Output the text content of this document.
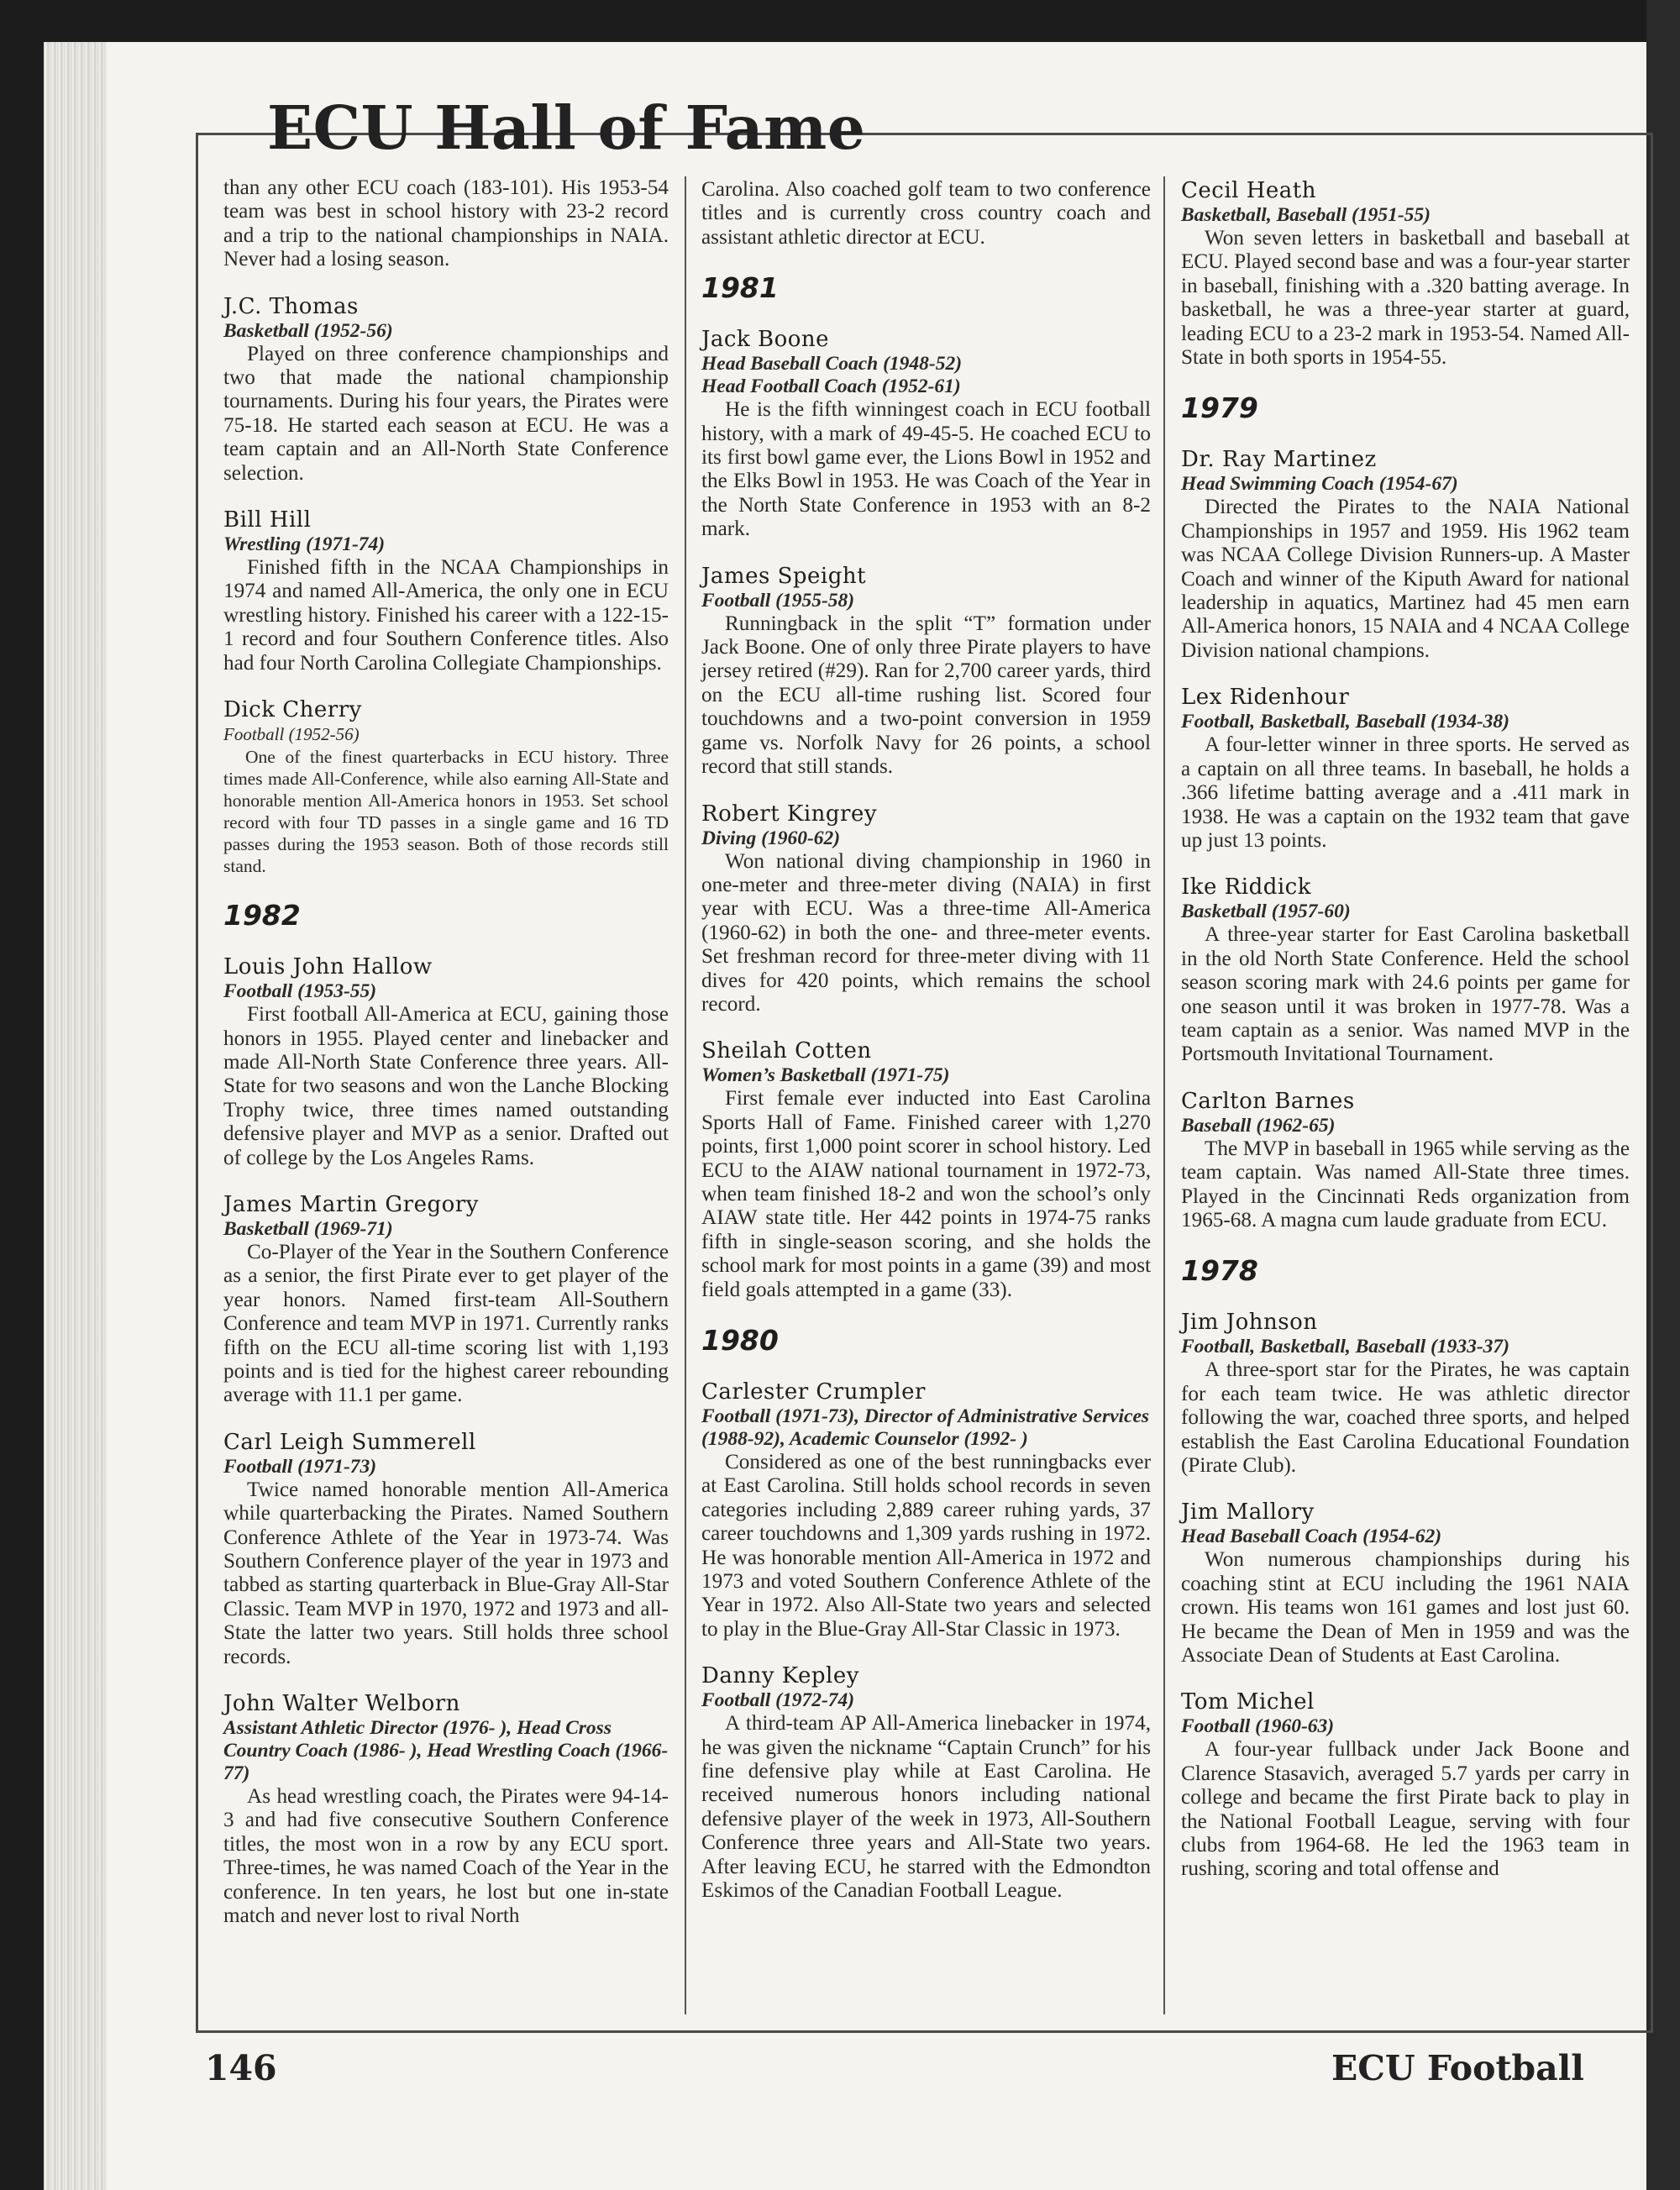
ECU Hall of Fame
than any other ECU coach (183-101). His 1953-54 team was best in school history with 23-2 record and a trip to the national championships in NAIA. Never had a losing season.
J.C. Thomas
Basketball (1952-56)
Played on three conference championships and two that made the national championship tournaments. During his four years, the Pirates were 75-18. He started each season at ECU. He was a team captain and an All-North State Conference selection.
Bill Hill
Wrestling (1971-74)
Finished fifth in the NCAA Championships in 1974 and named All-America, the only one in ECU wrestling history. Finished his career with a 122-15-1 record and four Southern Conference titles. Also had four North Carolina Collegiate Championships.
Dick Cherry
Football (1952-56)
One of the finest quarterbacks in ECU history. Three times made All-Conference, while also earning All-State and honorable mention All-America honors in 1953. Set school record with four TD passes in a single game and 16 TD passes during the 1953 season. Both of those records still stand.
1982
Louis John Hallow
Football (1953-55)
First football All-America at ECU, gaining those honors in 1955. Played center and linebacker and made All-North State Conference three years. All-State for two seasons and won the Lanche Blocking Trophy twice, three times named outstanding defensive player and MVP as a senior. Drafted out of college by the Los Angeles Rams.
James Martin Gregory
Basketball (1969-71)
Co-Player of the Year in the Southern Conference as a senior, the first Pirate ever to get player of the year honors. Named first-team All-Southern Conference and team MVP in 1971. Currently ranks fifth on the ECU all-time scoring list with 1,193 points and is tied for the highest career rebounding average with 11.1 per game.
Carl Leigh Summerell
Football (1971-73)
Twice named honorable mention All-America while quarterbacking the Pirates. Named Southern Conference Athlete of the Year in 1973-74. Was Southern Conference player of the year in 1973 and tabbed as starting quarterback in Blue-Gray All-Star Classic. Team MVP in 1970, 1972 and 1973 and all-State the latter two years. Still holds three school records.
John Walter Welborn
Assistant Athletic Director (1976- ), Head Cross Country Coach (1986- ), Head Wrestling Coach (1966-77)
As head wrestling coach, the Pirates were 94-14-3 and had five consecutive Southern Conference titles, the most won in a row by any ECU sport. Three-times, he was named Coach of the Year in the conference. In ten years, he lost but one in-state match and never lost to rival North
Carolina. Also coached golf team to two conference titles and is currently cross country coach and assistant athletic director at ECU.
1981
Jack Boone
Head Baseball Coach (1948-52)
Head Football Coach (1952-61)
He is the fifth winningest coach in ECU football history, with a mark of 49-45-5. He coached ECU to its first bowl game ever, the Lions Bowl in 1952 and the Elks Bowl in 1953. He was Coach of the Year in the North State Conference in 1953 with an 8-2 mark.
James Speight
Football (1955-58)
Runningback in the split “T” formation under Jack Boone. One of only three Pirate players to have jersey retired (#29). Ran for 2,700 career yards, third on the ECU all-time rushing list. Scored four touchdowns and a two-point conversion in 1959 game vs. Norfolk Navy for 26 points, a school record that still stands.
Robert Kingrey
Diving (1960-62)
Won national diving championship in 1960 in one-meter and three-meter diving (NAIA) in first year with ECU. Was a three-time All-America (1960-62) in both the one- and three-meter events. Set freshman record for three-meter diving with 11 dives for 420 points, which remains the school record.
Sheilah Cotten
Women’s Basketball (1971-75)
First female ever inducted into East Carolina Sports Hall of Fame. Finished career with 1,270 points, first 1,000 point scorer in school history. Led ECU to the AIAW national tournament in 1972-73, when team finished 18-2 and won the school’s only AIAW state title. Her 442 points in 1974-75 ranks fifth in single-season scoring, and she holds the school mark for most points in a game (39) and most field goals attempted in a game (33).
1980
Carlester Crumpler
Football (1971-73), Director of Administrative Services (1988-92), Academic Counselor (1992- )
Considered as one of the best runningbacks ever at East Carolina. Still holds school records in seven categories including 2,889 career ruhing yards, 37 career touchdowns and 1,309 yards rushing in 1972. He was honorable mention All-America in 1972 and 1973 and voted Southern Conference Athlete of the Year in 1972. Also All-State two years and selected to play in the Blue-Gray All-Star Classic in 1973.
Danny Kepley
Football (1972-74)
A third-team AP All-America linebacker in 1974, he was given the nickname “Captain Crunch” for his fine defensive play while at East Carolina. He received numerous honors including national defensive player of the week in 1973, All-Southern Conference three years and All-State two years. After leaving ECU, he starred with the Edmondton Eskimos of the Canadian Football League.
Cecil Heath
Basketball, Baseball (1951-55)
Won seven letters in basketball and baseball at ECU. Played second base and was a four-year starter in baseball, finishing with a .320 batting average. In basketball, he was a three-year starter at guard, leading ECU to a 23-2 mark in 1953-54. Named All-State in both sports in 1954-55.
1979
Dr. Ray Martinez
Head Swimming Coach (1954-67)
Directed the Pirates to the NAIA National Championships in 1957 and 1959. His 1962 team was NCAA College Division Runners-up. A Master Coach and winner of the Kiputh Award for national leadership in aquatics, Martinez had 45 men earn All-America honors, 15 NAIA and 4 NCAA College Division national champions.
Lex Ridenhour
Football, Basketball, Baseball (1934-38)
A four-letter winner in three sports. He served as a captain on all three teams. In baseball, he holds a .366 lifetime batting average and a .411 mark in 1938. He was a captain on the 1932 team that gave up just 13 points.
Ike Riddick
Basketball (1957-60)
A three-year starter for East Carolina basketball in the old North State Conference. Held the school season scoring mark with 24.6 points per game for one season until it was broken in 1977-78. Was a team captain as a senior. Was named MVP in the Portsmouth Invitational Tournament.
Carlton Barnes
Baseball (1962-65)
The MVP in baseball in 1965 while serving as the team captain. Was named All-State three times. Played in the Cincinnati Reds organization from 1965-68. A magna cum laude graduate from ECU.
1978
Jim Johnson
Football, Basketball, Baseball (1933-37)
A three-sport star for the Pirates, he was captain for each team twice. He was athletic director following the war, coached three sports, and helped establish the East Carolina Educational Foundation (Pirate Club).
Jim Mallory
Head Baseball Coach (1954-62)
Won numerous championships during his coaching stint at ECU including the 1961 NAIA crown. His teams won 161 games and lost just 60. He became the Dean of Men in 1959 and was the Associate Dean of Students at East Carolina.
Tom Michel
Football (1960-63)
A four-year fullback under Jack Boone and Clarence Stasavich, averaged 5.7 yards per carry in college and became the first Pirate back to play in the National Football League, serving with four clubs from 1964-68. He led the 1963 team in rushing, scoring and total offense and
146	ECU Football
